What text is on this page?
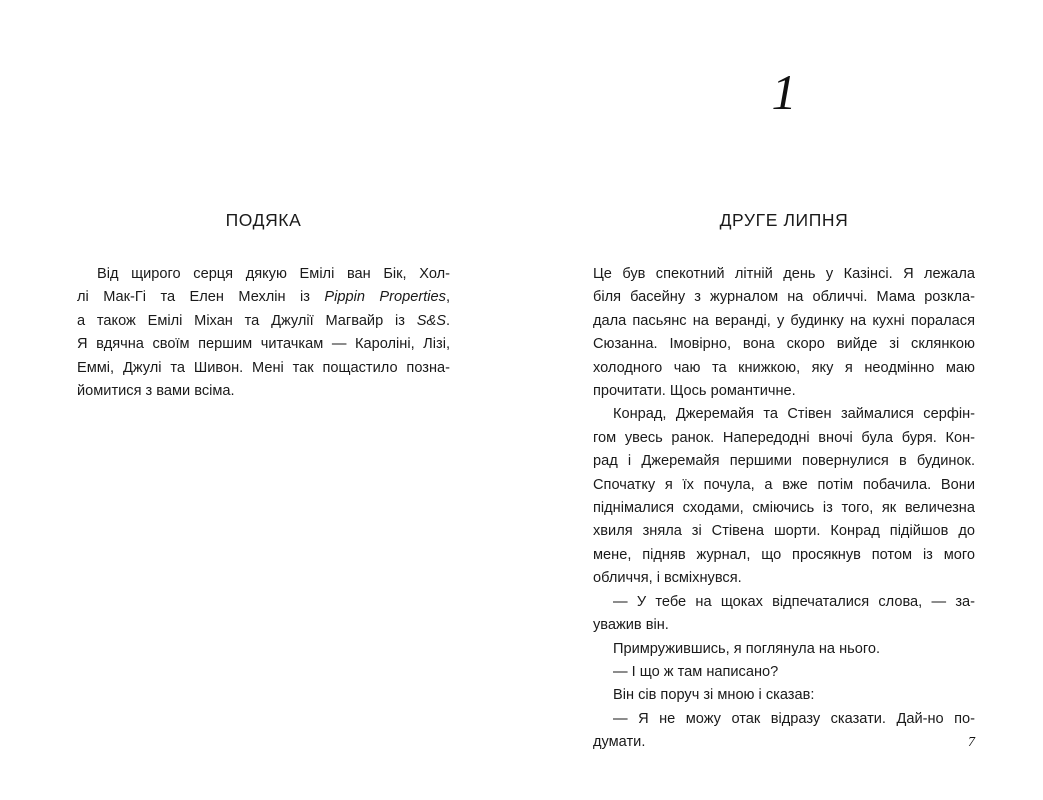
ПОДЯКА

Від щирого серця дякую Емілі ван Бік, Хол-
лі Мак-Гі та Елен Мехлін із Pippin Properties,
а також Емілі Міхан та Джулії Магвайр із S&S.
Я вдячна своїм першим читачкам — Кароліні, Лізі,
Еммі, Джулі та Шивон. Мені так пощастило позна-
йомитися з вами всіма.

1
ДРУГЕ ЛИПНЯ

Це був спекотний літній день у Казінсі. Я лежала
біля басейну з журналом на обличчі. Мама розкла-
дала пасьянс на веранді, у будинку на кухні поралася
Сюзанна. Імовірно, вона скоро вийде зі склянкою
холодного чаю та книжкою, яку я неодмінно маю
прочитати. Щось романтичне.

Конрад, Джеремайя та Стівен займалися серфін-
гом увесь ранок. Напередодні вночі була буря. Кон-
рад і Джеремайя першими повернулися в будинок.
Спочатку я їх почула, а вже потім побачила. Вони
піднімалися сходами, сміючись із того, як величезна
хвиля зняла зі Стівена шорти. Конрад підійшов до
мене, підняв журнал, що просякнув потом із мого
обличчя, і всміхнувся.

— У тебе на щоках відпечаталися слова, — за-
уважив він.

Примружившись, я поглянула на нього.

— І що ж там написано?

Він сів поруч зі мною і сказав:

— Я не можу отак відразу сказати. Дай-но по-
думати.	7
